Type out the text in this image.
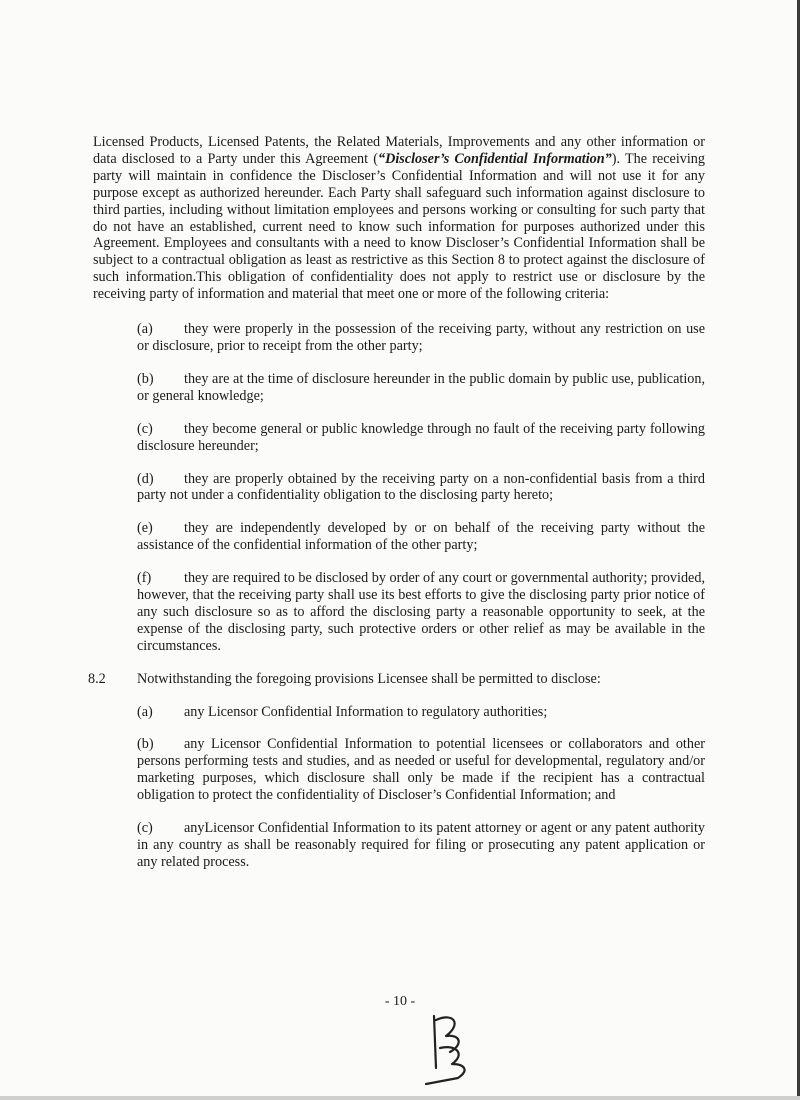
Licensed Products, Licensed Patents, the Related Materials, Improvements and any other information or data disclosed to a Party under this Agreement (“Discloser’s Confidential Information”). The receiving party will maintain in confidence the Discloser’s Confidential Information and will not use it for any purpose except as authorized hereunder. Each Party shall safeguard such information against disclosure to third parties, including without limitation employees and persons working or consulting for such party that do not have an established, current need to know such information for purposes authorized under this Agreement. Employees and consultants with a need to know Discloser’s Confidential Information shall be subject to a contractual obligation as least as restrictive as this Section 8 to protect against the disclosure of such information.This obligation of confidentiality does not apply to restrict use or disclosure by the receiving party of information and material that meet one or more of the following criteria:

(a) they were properly in the possession of the receiving party, without any restriction on use or disclosure, prior to receipt from the other party;
(b) they are at the time of disclosure hereunder in the public domain by public use, publication, or general knowledge;
(c) they become general or public knowledge through no fault of the receiving party following disclosure hereunder;
(d) they are properly obtained by the receiving party on a non-confidential basis from a third party not under a confidentiality obligation to the disclosing party hereto;
(e) they are independently developed by or on behalf of the receiving party without the assistance of the confidential information of the other party;
(f) they are required to be disclosed by order of any court or governmental authority; provided, however, that the receiving party shall use its best efforts to give the disclosing party prior notice of any such disclosure so as to afford the disclosing party a reasonable opportunity to seek, at the expense of the disclosing party, such protective orders or other relief as may be available in the circumstances.
8.2 Notwithstanding the foregoing provisions Licensee shall be permitted to disclose:
(a) any Licensor Confidential Information to regulatory authorities;
(b) any Licensor Confidential Information to potential licensees or collaborators and other persons performing tests and studies, and as needed or useful for developmental, regulatory and/or marketing purposes, which disclosure shall only be made if the recipient has a contractual obligation to protect the confidentiality of Discloser’s Confidential Information; and
(c) anyLicensor Confidential Information to its patent attorney or agent or any patent authority in any country as shall be reasonably required for filing or prosecuting any patent application or any related process.
- 10 -
